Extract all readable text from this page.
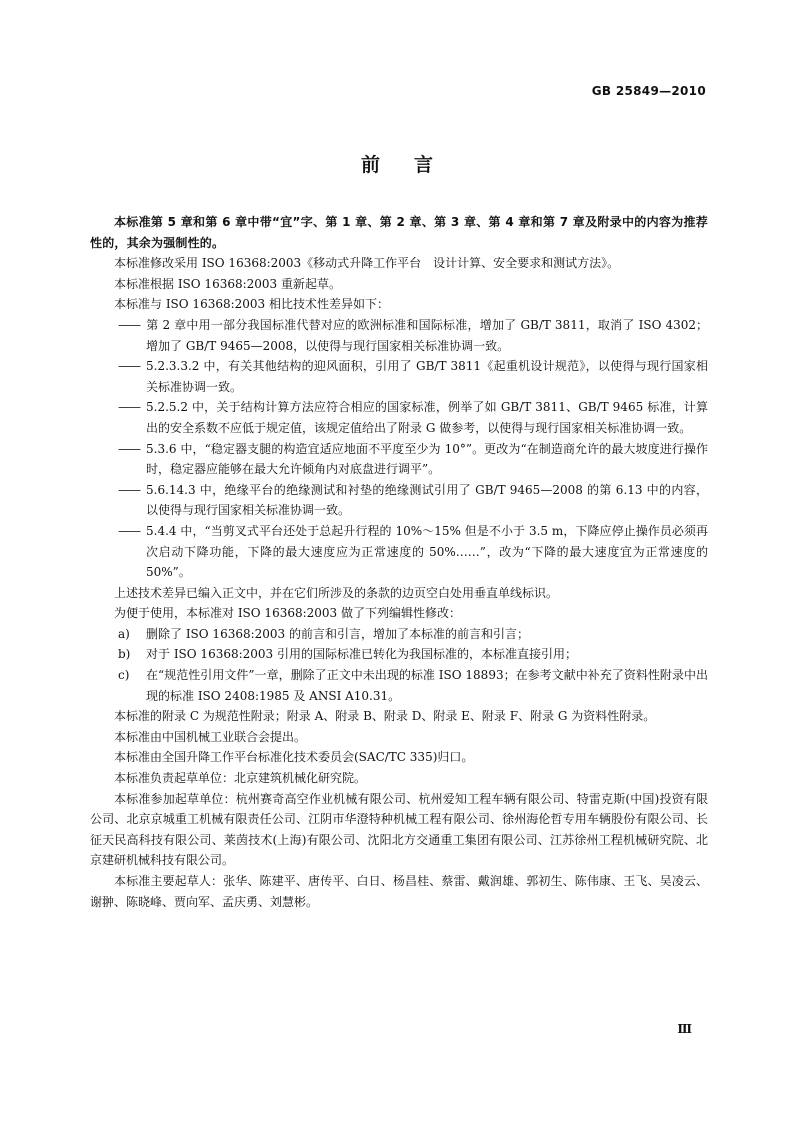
GB 25849—2010
前言

本标准第 5 章和第 6 章中带“宜”字、第 1 章、第 2 章、第 3 章、第 4 章和第 7 章及附录中的内容为推荐性的，其余为强制性的。

本标准修改采用 ISO 16368:2003《移动式升降工作平台　设计计算、安全要求和测试方法》。

本标准根据 ISO 16368:2003 重新起草。

本标准与 ISO 16368:2003 相比技术性差异如下：

—— 第 2 章中用一部分我国标准代替对应的欧洲标准和国际标准，增加了 GB/T 3811，取消了 ISO 4302；增加了 GB/T 9465—2008，以使得与现行国家相关标准协调一致。

—— 5.2.3.3.2 中，有关其他结构的迎风面积，引用了 GB/T 3811《起重机设计规范》，以使得与现行国家相关标准协调一致。

—— 5.2.5.2 中，关于结构计算方法应符合相应的国家标准，例举了如 GB/T 3811、GB/T 9465 标准，计算出的安全系数不应低于规定值，该规定值给出了附录 G 做参考，以使得与现行国家相关标准协调一致。

—— 5.3.6 中，“稳定器支腿的构造宜适应地面不平度至少为 10°”。更改为“在制造商允许的最大坡度进行操作时，稳定器应能够在最大允许倾角内对底盘进行调平”。

—— 5.6.14.3 中，绝缘平台的绝缘测试和衬垫的绝缘测试引用了 GB/T 9465—2008 的第 6.13 中的内容，以使得与现行国家相关标准协调一致。

—— 5.4.4 中，“当剪叉式平台还处于总起升行程的 10%～15% 但是不小于 3.5 m，下降应停止操作员必须再次启动下降功能，下降的最大速度应为正常速度的 50%……”，改为“下降的最大速度宜为正常速度的 50%”。

上述技术差异已编入正文中，并在它们所涉及的条款的边页空白处用垂直单线标识。

为便于使用，本标准对 ISO 16368:2003 做了下列编辑性修改：

a) 删除了 ISO 16368:2003 的前言和引言，增加了本标准的前言和引言；

b) 对于 ISO 16368:2003 引用的国际标准已转化为我国标准的，本标准直接引用；

c) 在“规范性引用文件”一章，删除了正文中未出现的标准 ISO 18893；在参考文献中补充了资料性附录中出现的标准 ISO 2408:1985 及 ANSI A10.31。

本标准的附录 C 为规范性附录；附录 A、附录 B、附录 D、附录 E、附录 F、附录 G 为资料性附录。

本标准由中国机械工业联合会提出。

本标准由全国升降工作平台标准化技术委员会(SAC/TC 335)归口。

本标准负责起草单位：北京建筑机械化研究院。

本标准参加起草单位：杭州赛奇高空作业机械有限公司、杭州爱知工程车辆有限公司、特雷克斯(中国)投资有限公司、北京京城重工机械有限责任公司、江阴市华澄特种机械工程有限公司、徐州海伦哲专用车辆股份有限公司、长征天民高科技有限公司、莱茵技术(上海)有限公司、沈阳北方交通重工集团有限公司、江苏徐州工程机械研究院、北京建研机械科技有限公司。

本标准主要起草人：张华、陈建平、唐传平、白日、杨昌桂、蔡雷、戴润雄、郭初生、陈伟康、王飞、吴凌云、谢翀、陈晓峰、贾向军、孟庆勇、刘慧彬。

Ⅲ
